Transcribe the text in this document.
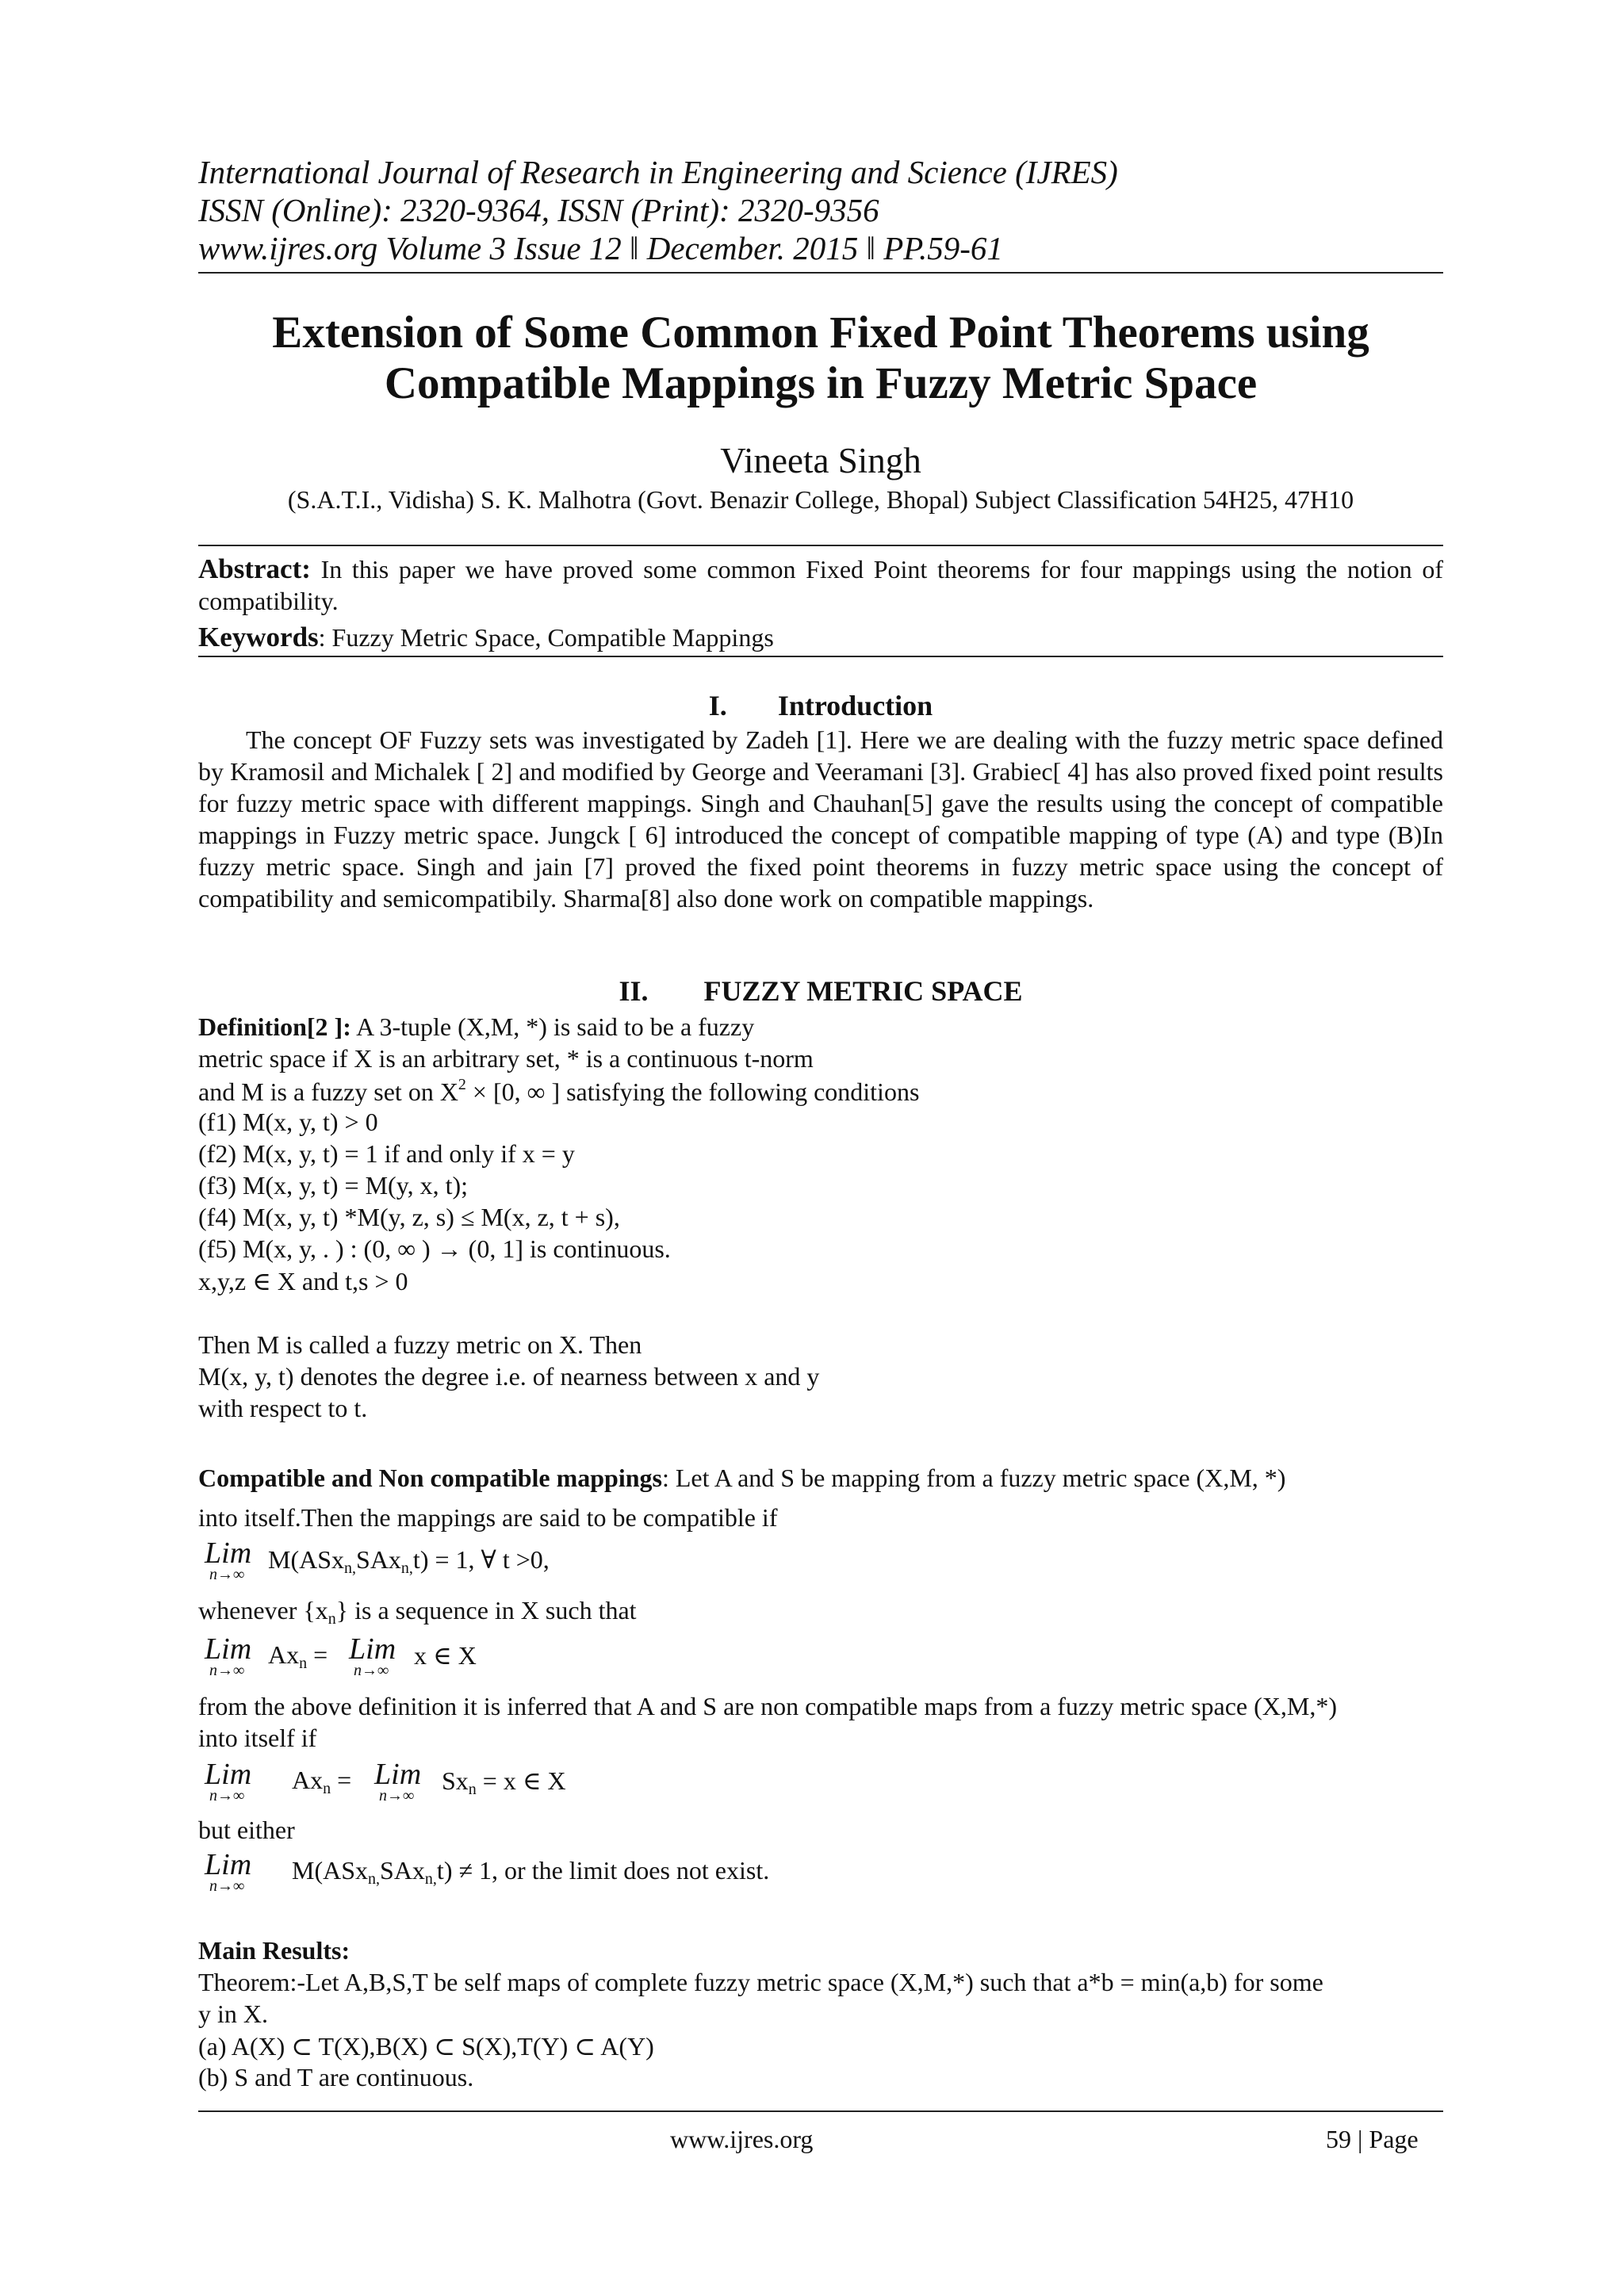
International Journal of Research in Engineering and Science (IJRES)
ISSN (Online): 2320-9364, ISSN (Print): 2320-9356
www.ijres.org Volume 3 Issue 12 ǁ December. 2015 ǁ PP.59-61
Extension of Some Common Fixed Point Theorems using
Compatible Mappings in Fuzzy Metric Space
Vineeta Singh
(S.A.T.I., Vidisha) S. K. Malhotra (Govt. Benazir College, Bhopal) Subject Classification 54H25, 47H10
Abstract: In this paper we have proved some common Fixed Point theorems for four mappings using the notion of compatibility.
Keywords: Fuzzy Metric Space, Compatible Mappings
I. Introduction
The concept OF Fuzzy sets was investigated by Zadeh [1]. Here we are dealing with the fuzzy metric space defined by Kramosil and Michalek [ 2] and modified by George and Veeramani [3]. Grabiec[ 4] has also proved fixed point results for fuzzy metric space with different mappings. Singh and Chauhan[5] gave the results using the concept of compatible mappings in Fuzzy metric space. Jungck [ 6] introduced the concept of compatible mapping of type (A) and type (B)In fuzzy metric space. Singh and jain [7] proved the fixed point theorems in fuzzy metric space using the concept of compatibility and semicompatibily. Sharma[8] also done work on compatible mappings.
II. FUZZY METRIC SPACE
Definition[2 ]: A 3-tuple (X,M, *) is said to be a fuzzy
metric space if X is an arbitrary set, * is a continuous t-norm
and M is a fuzzy set on $X^2 \times [0$, ∞ ] satisfying the following conditions
(f1) M(x, y, t) > 0
(f2) M(x, y, t) = 1 if and only if x = y
(f3) M(x, y, t) = M(y, x, t);
(f4) M(x, y, t) *M(y, z, s) ≤ M(x, z, t + s),
(f5) M(x, y, . ) : (0, ∞ ) → (0, 1] is continuous.
x,y,z ∈ X and t,s > 0
Then M is called a fuzzy metric on X. Then
M(x, y, t) denotes the degree i.e. of nearness between x and y
with respect to t.
Compatible and Non compatible mappings: Let A and S be mapping from a fuzzy metric space (X,M, *)
into itself.Then the mappings are said to be compatible if
Lim
n→∞
M(ASx$_{n,}$SAx$_{n,}$t) = 1, ∀ t >0,
whenever $\{x_n\}$ is a sequence in X such that
Lim
n→∞
$Ax_n$ = Lim
n→∞
x ∈ X
from the above definition it is inferred that A and S are non compatible maps from a fuzzy metric space (X,M,*)
into itself if
Lim
n→∞
$Ax_n$ = Lim
n→∞
$Sx_n = x$ ∈ X
but either
Lim
n→∞
M(ASx$_{n,}$SAx$_{n,}$t) ≠ 1, or the limit does not exist.
Main Results:
Theorem:-Let A,B,S,T be self maps of complete fuzzy metric space (X,M,*) such that a*b = min(a,b) for some
y in X.
(a) A(X) ⊂ T(X),B(X) ⊂ S(X),T(Y) ⊂ A(Y)
(b) S and T are continuous.
www.ijres.org	59 | Page
